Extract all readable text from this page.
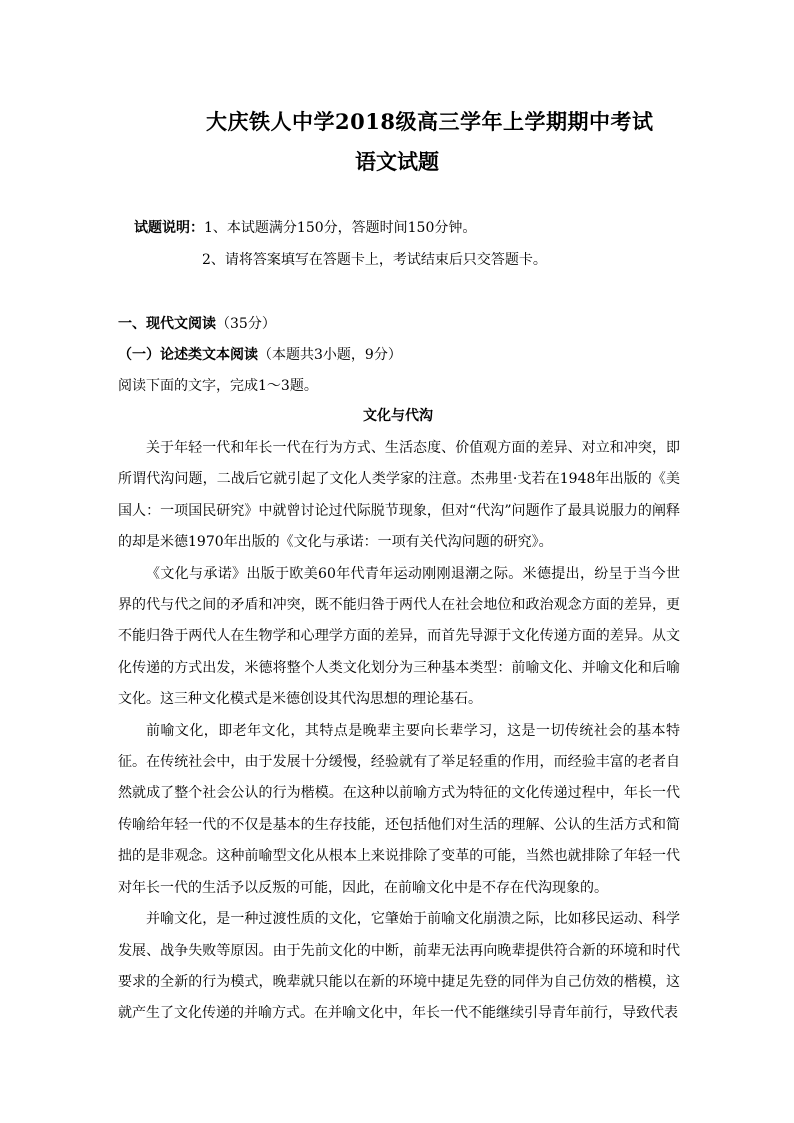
大庆铁人中学2018级高三学年上学期期中考试
语文试题
试题说明：1、本试题满分150分，答题时间150分钟。
2、请将答案填写在答题卡上，考试结束后只交答题卡。
一、现代文阅读（35分）
（一）论述类文本阅读（本题共3小题，9分）
阅读下面的文字，完成1～3题。
文化与代沟

关于年轻一代和年长一代在行为方式、生活态度、价值观方面的差异、对立和冲突，即所谓代沟问题，二战后它就引起了文化人类学家的注意。杰弗里·戈若在1948年出版的《美国人：一项国民研究》中就曾讨论过代际脱节现象，但对“代沟”问题作了最具说服力的阐释的却是米德1970年出版的《文化与承诺：一项有关代沟问题的研究》。

《文化与承诺》出版于欧美60年代青年运动刚刚退潮之际。米德提出，纷呈于当今世界的代与代之间的矛盾和冲突，既不能归咎于两代人在社会地位和政治观念方面的差异，更不能归咎于两代人在生物学和心理学方面的差异，而首先导源于文化传递方面的差异。从文化传递的方式出发，米德将整个人类文化划分为三种基本类型：前喻文化、并喻文化和后喻文化。这三种文化模式是米德创设其代沟思想的理论基石。

前喻文化，即老年文化，其特点是晚辈主要向长辈学习，这是一切传统社会的基本特征。在传统社会中，由于发展十分缓慢，经验就有了举足轻重的作用，而经验丰富的老者自然就成了整个社会公认的行为楷模。在这种以前喻方式为特征的文化传递过程中，年长一代传喻给年轻一代的不仅是基本的生存技能，还包括他们对生活的理解、公认的生活方式和简拙的是非观念。这种前喻型文化从根本上来说排除了变革的可能，当然也就排除了年轻一代对年长一代的生活予以反叛的可能，因此，在前喻文化中是不存在代沟现象的。

并喻文化，是一种过渡性质的文化，它肇始于前喻文化崩溃之际，比如移民运动、科学发展、战争失败等原因。由于先前文化的中断，前辈无法再向晚辈提供符合新的环境和时代要求的全新的行为模式，晚辈就只能以在新的环境中捷足先登的同伴为自己仿效的楷模，这就产生了文化传递的并喻方式。在并喻文化中，年长一代不能继续引导青年前行，导致代表
